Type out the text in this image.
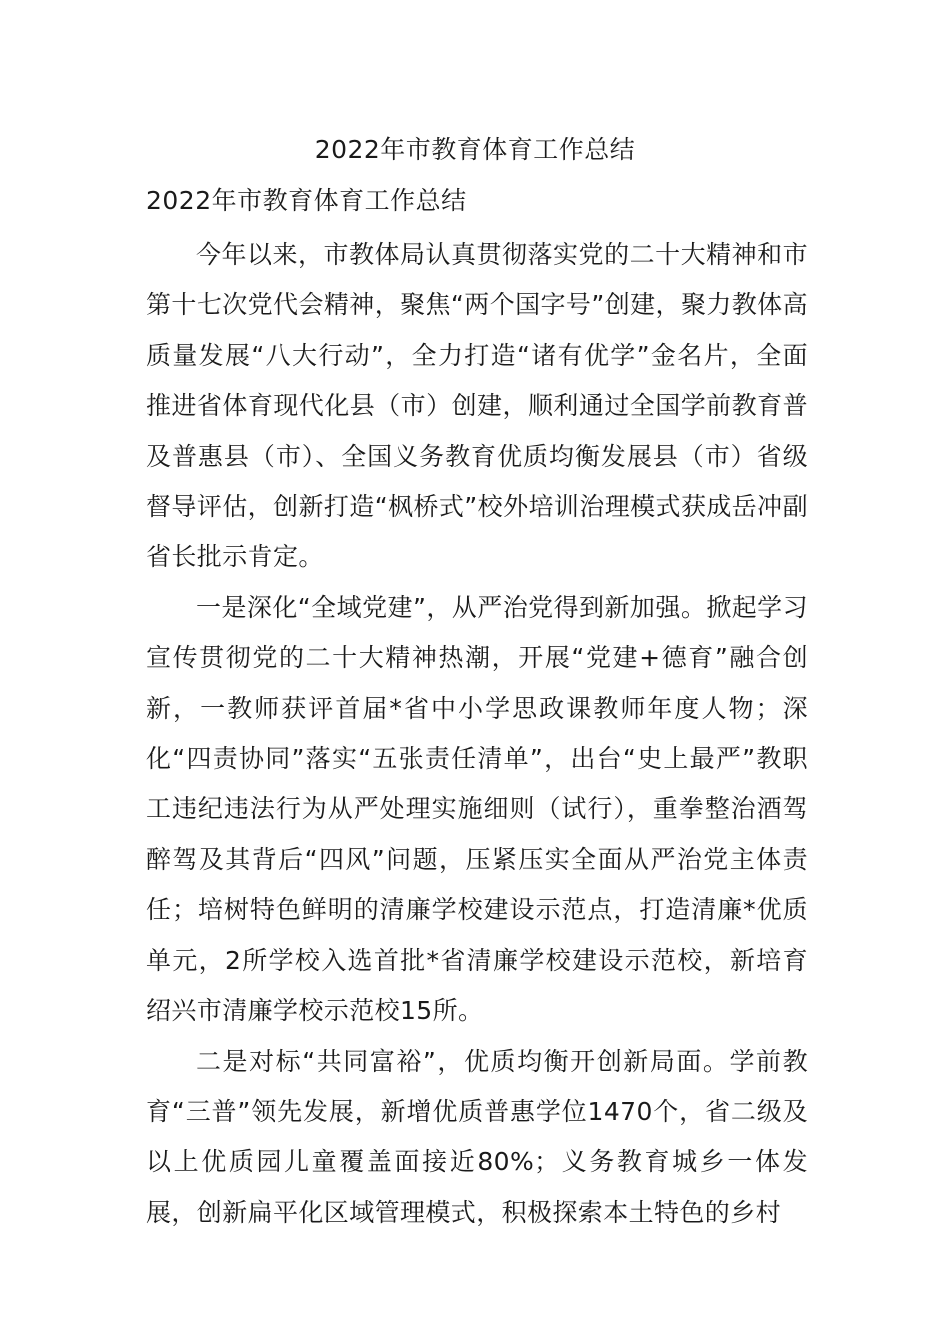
2022年市教育体育工作总结
2022年市教育体育工作总结

今年以来，市教体局认真贯彻落实党的二十大精神和市第十七次党代会精神，聚焦“两个国字号”创建，聚力教体高质量发展“八大行动”，全力打造“诸有优学”金名片，全面推进省体育现代化县（市）创建，顺利通过全国学前教育普及普惠县（市）、全国义务教育优质均衡发展县（市）省级督导评估，创新打造“枫桥式”校外培训治理模式获成岳冲副省长批示肯定。

一是深化“全域党建”，从严治党得到新加强。掀起学习宣传贯彻党的二十大精神热潮，开展“党建+德育”融合创新，一教师获评首届*省中小学思政课教师年度人物；深化“四责协同”落实“五张责任清单”，出台“史上最严”教职工违纪违法行为从严处理实施细则（试行），重拳整治酒驾醉驾及其背后“四风”问题，压紧压实全面从严治党主体责任；培树特色鲜明的清廉学校建设示范点，打造清廉*优质单元，2所学校入选首批*省清廉学校建设示范校，新培育绍兴市清廉学校示范校15所。

二是对标“共同富裕”，优质均衡开创新局面。学前教育“三普”领先发展，新增优质普惠学位1470个，省二级及以上优质园儿童覆盖面接近80%；义务教育城乡一体发展，创新扁平化区域管理模式，积极探索本土特色的乡村
